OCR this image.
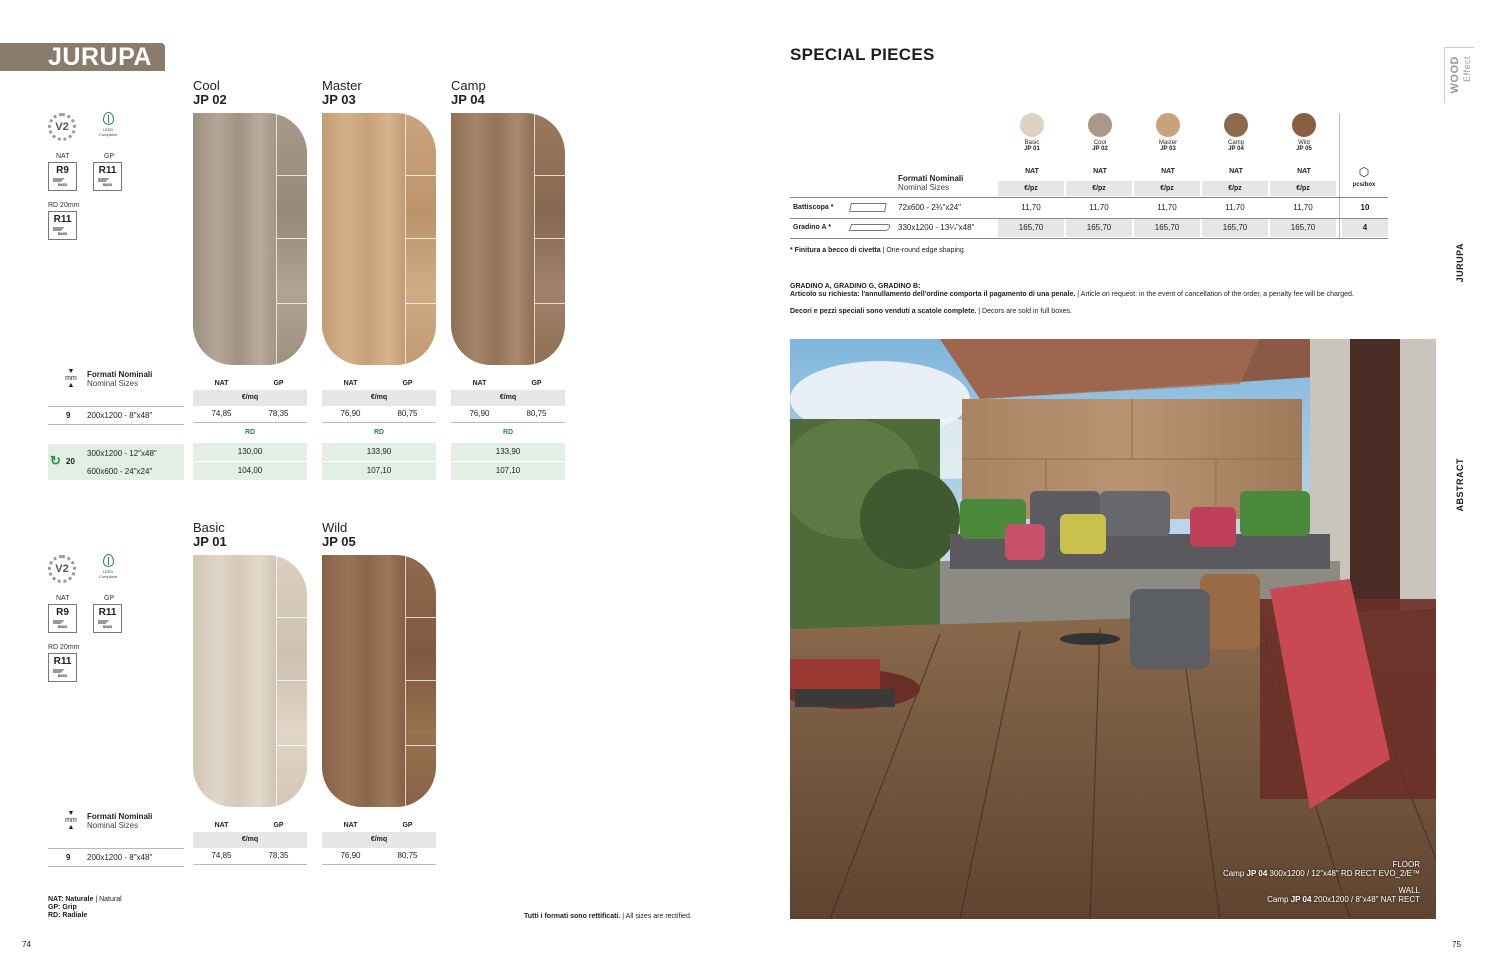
JURUPA
Cool
JP 02
Master
JP 03
Camp
JP 04
V2	LEED
Compliant
NAT	GP
R9
SKID
R11
SKID
RD 20mm
R11
SKID
▼
mm
▲
Formati Nominali
Nominal Sizes
9 200x1200 - 8"x48"
↻ 20
300x1200 - 12"x48"
600x600 - 24"x24"
NAT	GP
€/mq
74,85	78,35
RD
130,00
104,00
NAT	GP
€/mq
76,90	80,75
RD
133,90
107,10
NAT	GP
€/mq
76,90	80,75
RD
133,90
107,10
Basic
JP 01
Wild
JP 05
V2	LEED
Compliant
NAT	GP
R9
SKID
R11
SKID
RD 20mm
R11
SKID
▼
mm
▲
Formati Nominali
Nominal Sizes
9 200x1200 - 8"x48"
NAT	GP
€/mq
74,85	78,35
NAT	GP
€/mq
76,90	80,75
NAT: Naturale | Natural
GP: Grip
RD: Radiale	Tutti i formati sono rettificati. | All sizes are rectified.
74
SPECIAL PIECES
WOOD Effect
JURUPA
ABSTRACT
Basic
JP 01
Cool
JP 02
Master
JP 03
Camp
JP 04
Wild
JP 05
Formati Nominali
Nominal Sizes
NAT	NAT	NAT	NAT	NAT
€/pz	€/pz	€/pz	€/pz	€/pz
⬡
pcs/box
Battiscopa *	72x600 - 2¾"x24"	11,70	11,70	11,70	11,70	11,70	10
Gradino A *	330x1200 - 13¼"x48"	165,70	165,70	165,70	165,70	165,70	4
* Finitura a becco di civetta | One-round edge shaping
GRADINO A, GRADINO G, GRADINO B:
Articolo su richiesta: l'annullamento dell'ordine comporta il pagamento di una penale. | Article on request: in the event of cancellation of the order, a penalty fee will be charged.
Decori e pezzi speciali sono venduti a scatole complete. | Decors are sold in full boxes.
FLOOR
Camp JP 04 300x1200 / 12"x48" RD RECT EVO_2/E™
WALL
Camp JP 04 200x1200 / 8"x48" NAT RECT
75
